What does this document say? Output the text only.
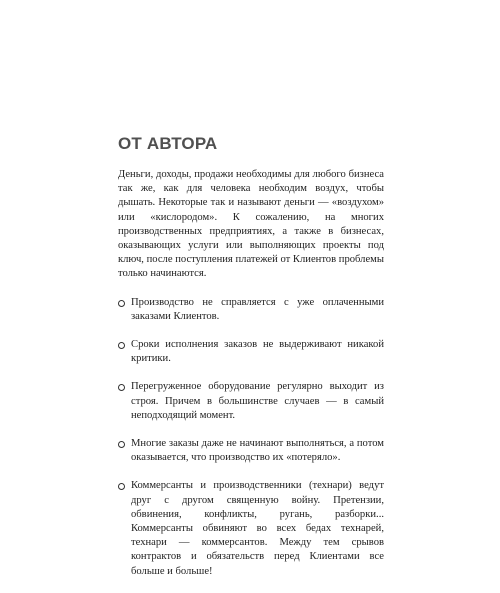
ОТ АВТОРА

Деньги, доходы, продажи необходимы для любого бизнеса так же, как для человека необходим воздух, чтобы дышать. Некоторые так и называют деньги — «воздухом» или «кислородом». К сожалению, на многих производственных предприятиях, а также в бизнесах, оказывающих услуги или выполняющих проекты под ключ, после поступления платежей от Клиентов проблемы только начинаются.

Производство не справляется с уже оплаченными заказами Клиентов.
Сроки исполнения заказов не выдерживают никакой критики.
Перегруженное оборудование регулярно выходит из строя. Причем в большинстве случаев — в самый неподходящий момент.
Многие заказы даже не начинают выполняться, а потом оказывается, что производство их «потеряло».
Коммерсанты и производственники (технари) ведут друг с другом священную войну. Претензии, обвинения, конфликты, ругань, разборки... Коммерсанты обвиняют во всех бедах технарей, технари — коммерсантов. Между тем срывов контрактов и обязательств перед Клиентами все больше и больше!
